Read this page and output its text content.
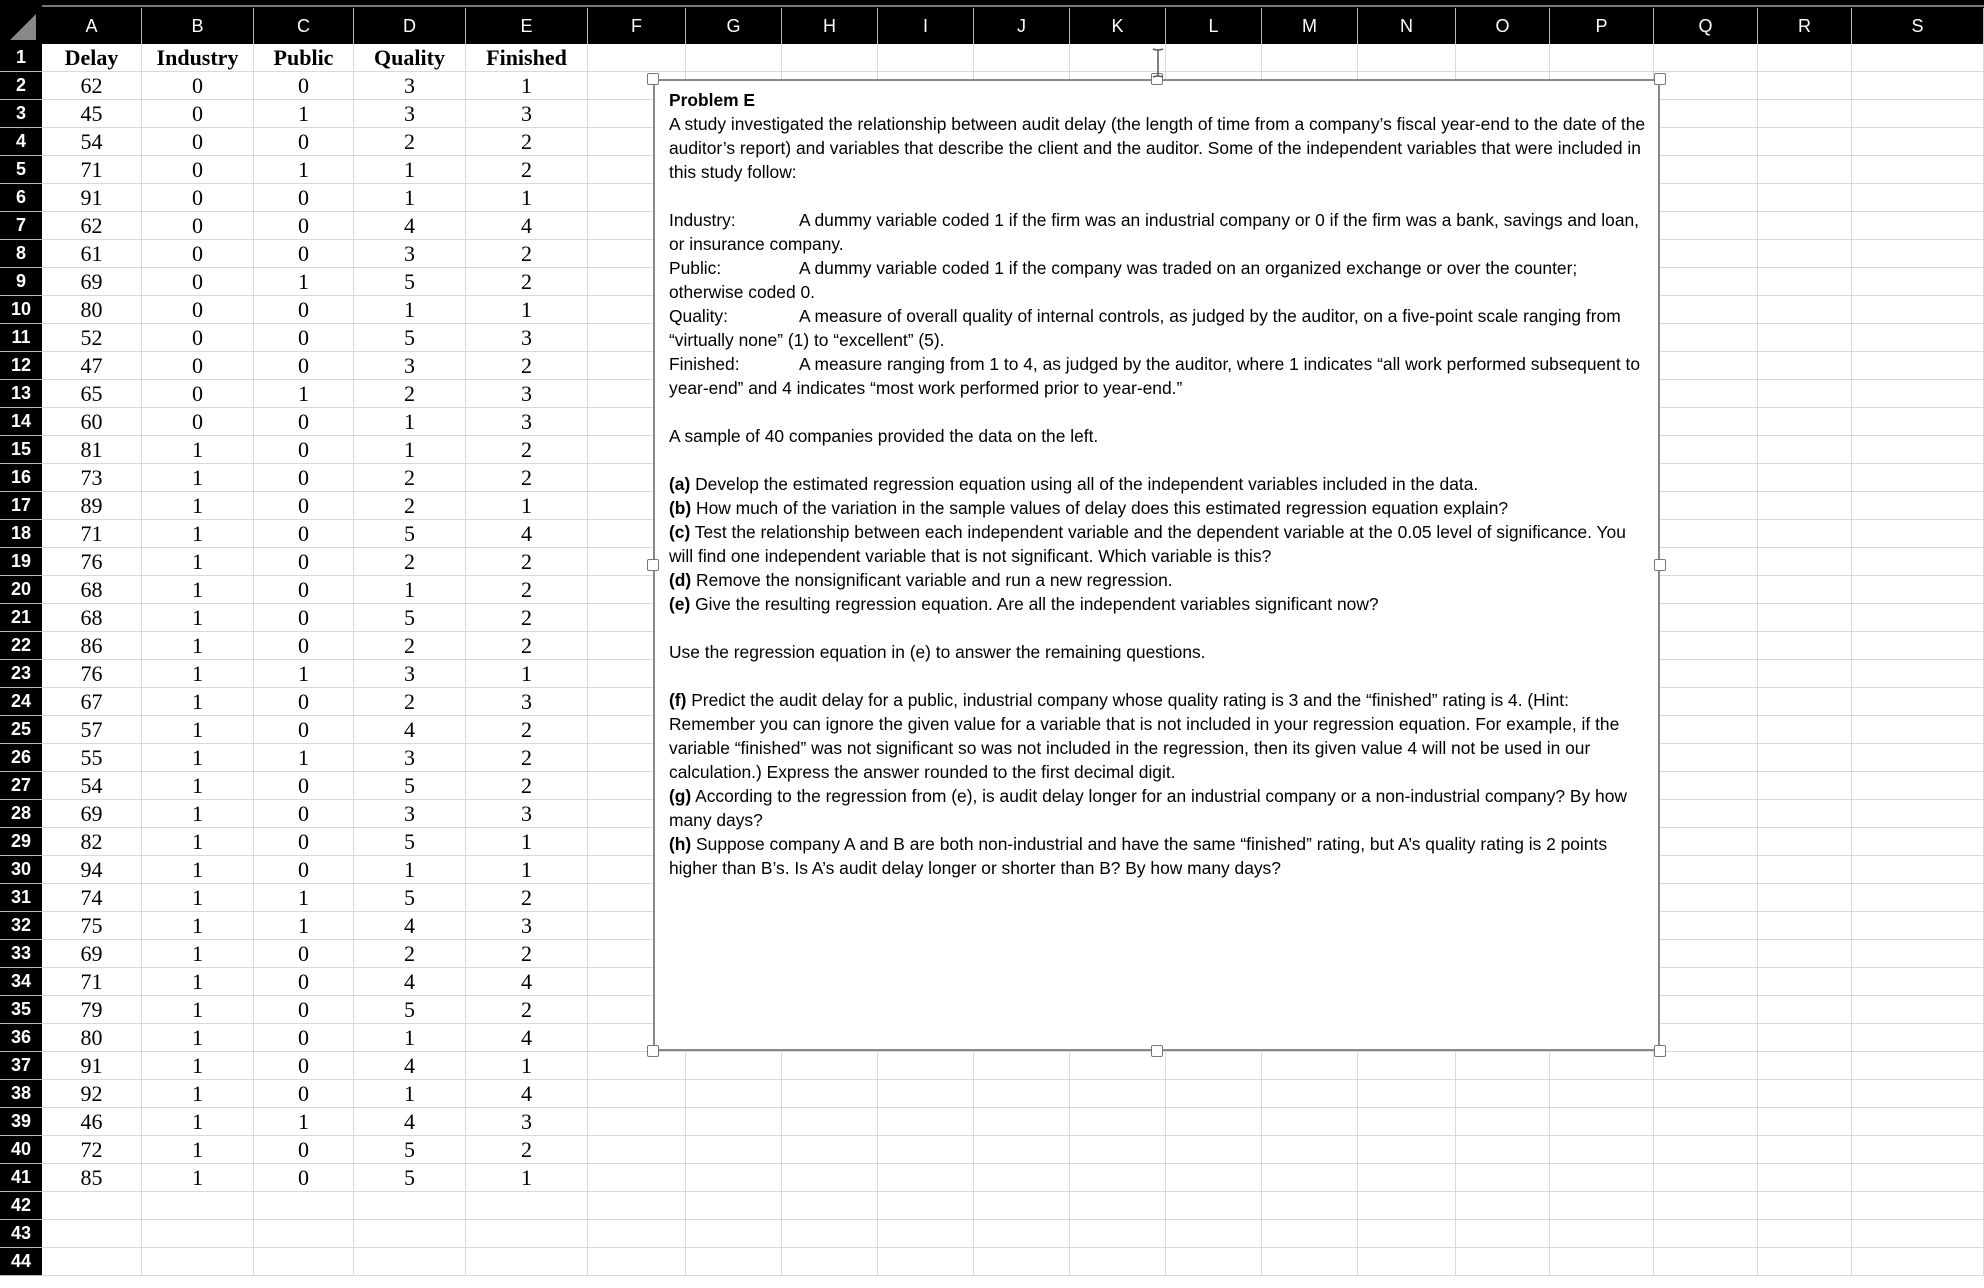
A	B	C	D	E	F	G	H	I	J	K	L	M	N	O	P	Q	R	S
1
2
3
4
5
6
7
8
9
10
11
12
13
14
15
16
17
18
19
20
21
22
23
24
25
26
27
28
29
30
31
32
33
34
35
36
37
38
39
40
41
42
43
44
Delay	Industry	Public	Quality	Finished
62	0	0	3	1
45	0	1	3	3
54	0	0	2	2
71	0	1	1	2
91	0	0	1	1
62	0	0	4	4
61	0	0	3	2
69	0	1	5	2
80	0	0	1	1
52	0	0	5	3
47	0	0	3	2
65	0	1	2	3
60	0	0	1	3
81	1	0	1	2
73	1	0	2	2
89	1	0	2	1
71	1	0	5	4
76	1	0	2	2
68	1	0	1	2
68	1	0	5	2
86	1	0	2	2
76	1	1	3	1
67	1	0	2	3
57	1	0	4	2
55	1	1	3	2
54	1	0	5	2
69	1	0	3	3
82	1	0	5	1
94	1	0	1	1
74	1	1	5	2
75	1	1	4	3
69	1	0	2	2
71	1	0	4	4
79	1	0	5	2
80	1	0	1	4
91	1	0	4	1
92	1	0	1	4
46	1	1	4	3
72	1	0	5	2
85	1	0	5	1

Problem E

A study investigated the relationship between audit delay (the length of time from a company’s fiscal year-end to the date of the auditor’s report) and variables that describe the client and the auditor. Some of the independent variables that were included in this study follow:

Industry:	A dummy variable coded 1 if the firm was an industrial company or 0 if the firm was a bank, savings and loan, or insurance company.

Public:	A dummy variable coded 1 if the company was traded on an organized exchange or over the counter; otherwise coded 0.

Quality:	A measure of overall quality of internal controls, as judged by the auditor, on a five-point scale ranging from “virtually none” (1) to “excellent” (5).

Finished:	A measure ranging from 1 to 4, as judged by the auditor, where 1 indicates “all work performed subsequent to year-end” and 4 indicates “most work performed prior to year-end.”

A sample of 40 companies provided the data on the left.

(a) Develop the estimated regression equation using all of the independent variables included in the data.

(b) How much of the variation in the sample values of delay does this estimated regression equation explain?

(c) Test the relationship between each independent variable and the dependent variable at the 0.05 level of significance. You will find one independent variable that is not significant. Which variable is this?

(d) Remove the nonsignificant variable and run a new regression.

(e) Give the resulting regression equation. Are all the independent variables significant now?

Use the regression equation in (e) to answer the remaining questions.

(f) Predict the audit delay for a public, industrial company whose quality rating is 3 and the “finished” rating is 4. (Hint: Remember you can ignore the given value for a variable that is not included in your regression equation. For example, if the variable “finished” was not significant so was not included in the regression, then its given value 4 will not be used in our calculation.) Express the answer rounded to the first decimal digit.

(g) According to the regression from (e), is audit delay longer for an industrial company or a non-industrial company? By how many days?

(h) Suppose company A and B are both non-industrial and have the same “finished” rating, but A’s quality rating is 2 points higher than B’s. Is A’s audit delay longer or shorter than B? By how many days?
